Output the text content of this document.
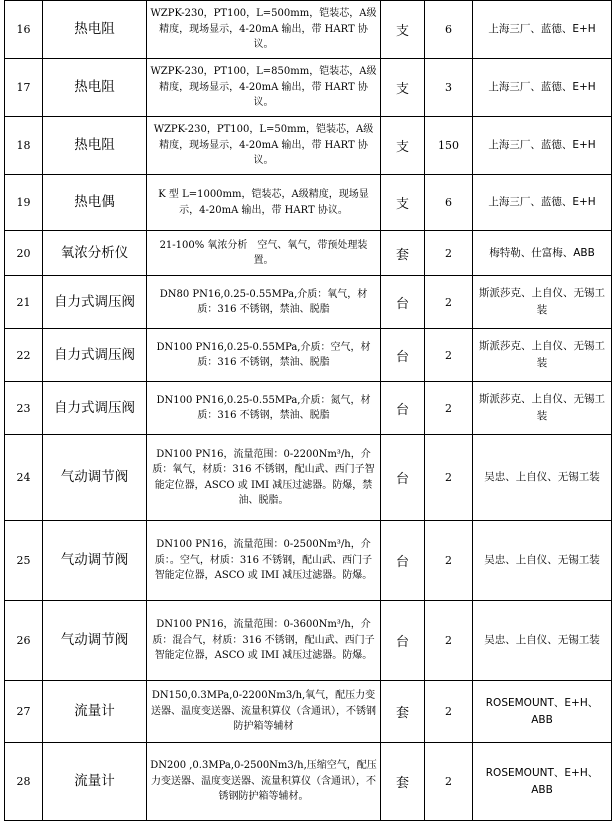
16	热电阻	WZPK-230，PT100，L=500mm，铠装芯，A级精度，现场显示，4-20mA 输出，带 HART 协议。	支	6	上海三厂、蓝德、E+H
17	热电阻	WZPK-230，PT100，L=850mm，铠装芯，A级精度，现场显示，4-20mA 输出，带 HART 协议。	支	3	上海三厂、蓝德、E+H
18	热电阻	WZPK-230，PT100，L=50mm，铠装芯，A级精度，现场显示，4-20mA 输出，带 HART 协议。	支	150	上海三厂、蓝德、E+H
19	热电偶	K 型 L=1000mm，铠装芯，A级精度，现场显示，4-20mA 输出，带 HART 协议。	支	6	上海三厂、蓝德、E+H
20	氧浓分析仪	21-100% 氧浓分析　空气、氧气，带预处理装置。	套	2	梅特勒、仕富梅、ABB
21	自力式调压阀	DN80 PN16,0.25-0.55MPa,介质：氧气，材质：316 不锈钢，禁油、脱脂	台	2	斯派莎克、上自仪、无锡工装
22	自力式调压阀	DN100 PN16,0.25-0.55MPa,介质：空气，材质：316 不锈钢，禁油、脱脂	台	2	斯派莎克、上自仪、无锡工装
23	自力式调压阀	DN100 PN16,0.25-0.55MPa,介质：氮气，材质：316 不锈钢，禁油、脱脂	台	2	斯派莎克、上自仪、无锡工装
24	气动调节阀	DN100 PN16，流量范围：0-2200Nm³/h，介质：氧气，材质：316 不锈钢，配山武、西门子智能定位器，ASCO 或 IMI 减压过滤器。防爆，禁油、脱脂。	台	2	吴忠、上自仪、无锡工装
25	气动调节阀	DN100 PN16，流量范围：0-2500Nm³/h，介质：。空气，材质：316 不锈钢，配山武、西门子智能定位器，ASCO 或 IMI 减压过滤器。防爆。	台	2	吴忠、上自仪、无锡工装
26	气动调节阀	DN100 PN16，流量范围：0-3600Nm³/h，介质：混合气，材质：316 不锈钢，配山武、西门子智能定位器，ASCO 或 IMI 减压过滤器。防爆。	台	2	吴忠、上自仪、无锡工装
27	流量计	DN150,0.3MPa,0-2200Nm3/h,氧气，配压力变送器、温度变送器、流量积算仪（含通讯），不锈钢防护箱等辅材	套	2	ROSEMOUNT、E+H、ABB
28	流量计	DN200 ,0.3MPa,0-2500Nm3/h,压缩空气，配压力变送器、温度变送器、流量积算仪（含通讯），不锈钢防护箱等辅材。	套	2	ROSEMOUNT、E+H、ABB
